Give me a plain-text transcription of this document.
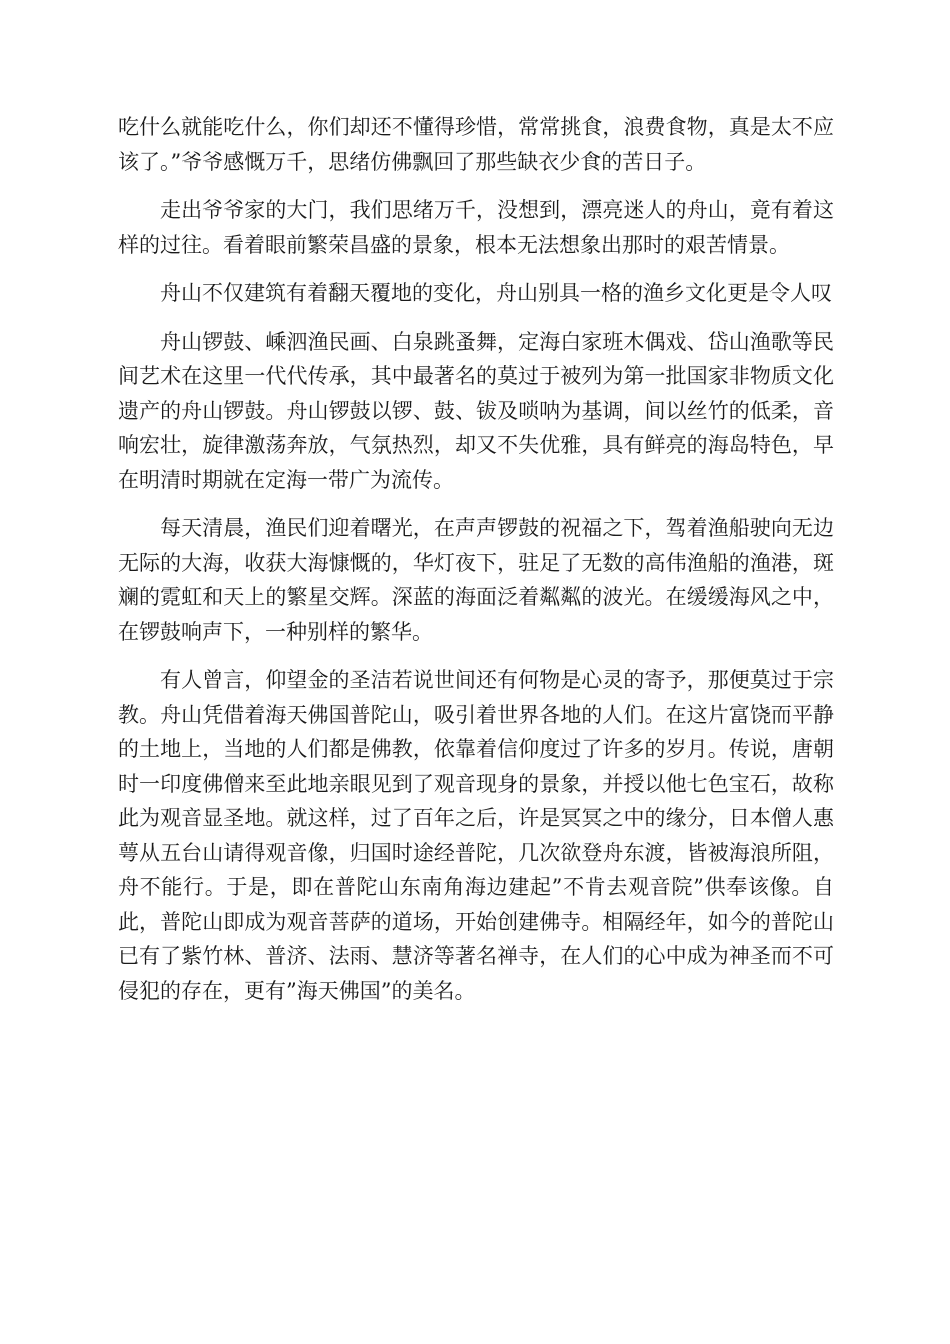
吃什么就能吃什么，你们却还不懂得珍惜，常常挑食，浪费食物，真是太不应该了。”爷爷感慨万千，思绪仿佛飘回了那些缺衣少食的苦日子。

走出爷爷家的大门，我们思绪万千，没想到，漂亮迷人的舟山，竟有着这样的过往。看着眼前繁荣昌盛的景象，根本无法想象出那时的艰苦情景。

舟山不仅建筑有着翻天覆地的变化，舟山别具一格的渔乡文化更是令人叹

舟山锣鼓、嵊泗渔民画、白泉跳蚤舞，定海白家班木偶戏、岱山渔歌等民间艺术在这里一代代传承，其中最著名的莫过于被列为第一批国家非物质文化遗产的舟山锣鼓。舟山锣鼓以锣、鼓、钹及唢呐为基调，间以丝竹的低柔，音响宏壮，旋律激荡奔放，气氛热烈，却又不失优雅，具有鲜亮的海岛特色，早在明清时期就在定海一带广为流传。

每天清晨，渔民们迎着曙光，在声声锣鼓的祝福之下，驾着渔船驶向无边无际的大海，收获大海慷慨的，华灯夜下，驻足了无数的高伟渔船的渔港，斑斓的霓虹和天上的繁星交辉。深蓝的海面泛着粼粼的波光。在缓缓海风之中，在锣鼓响声下，一种别样的繁华。

有人曾言，仰望金的圣洁若说世间还有何物是心灵的寄予，那便莫过于宗教。舟山凭借着海天佛国普陀山，吸引着世界各地的人们。在这片富饶而平静的土地上，当地的人们都是佛教，依靠着信仰度过了许多的岁月。传说，唐朝时一印度佛僧来至此地亲眼见到了观音现身的景象，并授以他七色宝石，故称此为观音显圣地。就这样，过了百年之后，许是冥冥之中的缘分，日本僧人惠萼从五台山请得观音像，归国时途经普陀，几次欲登舟东渡，皆被海浪所阻，舟不能行。于是，即在普陀山东南角海边建起”不肯去观音院”供奉该像。自此，普陀山即成为观音菩萨的道场，开始创建佛寺。相隔经年，如今的普陀山已有了紫竹林、普济、法雨、慧济等著名禅寺，在人们的心中成为神圣而不可侵犯的存在，更有”海天佛国”的美名。
